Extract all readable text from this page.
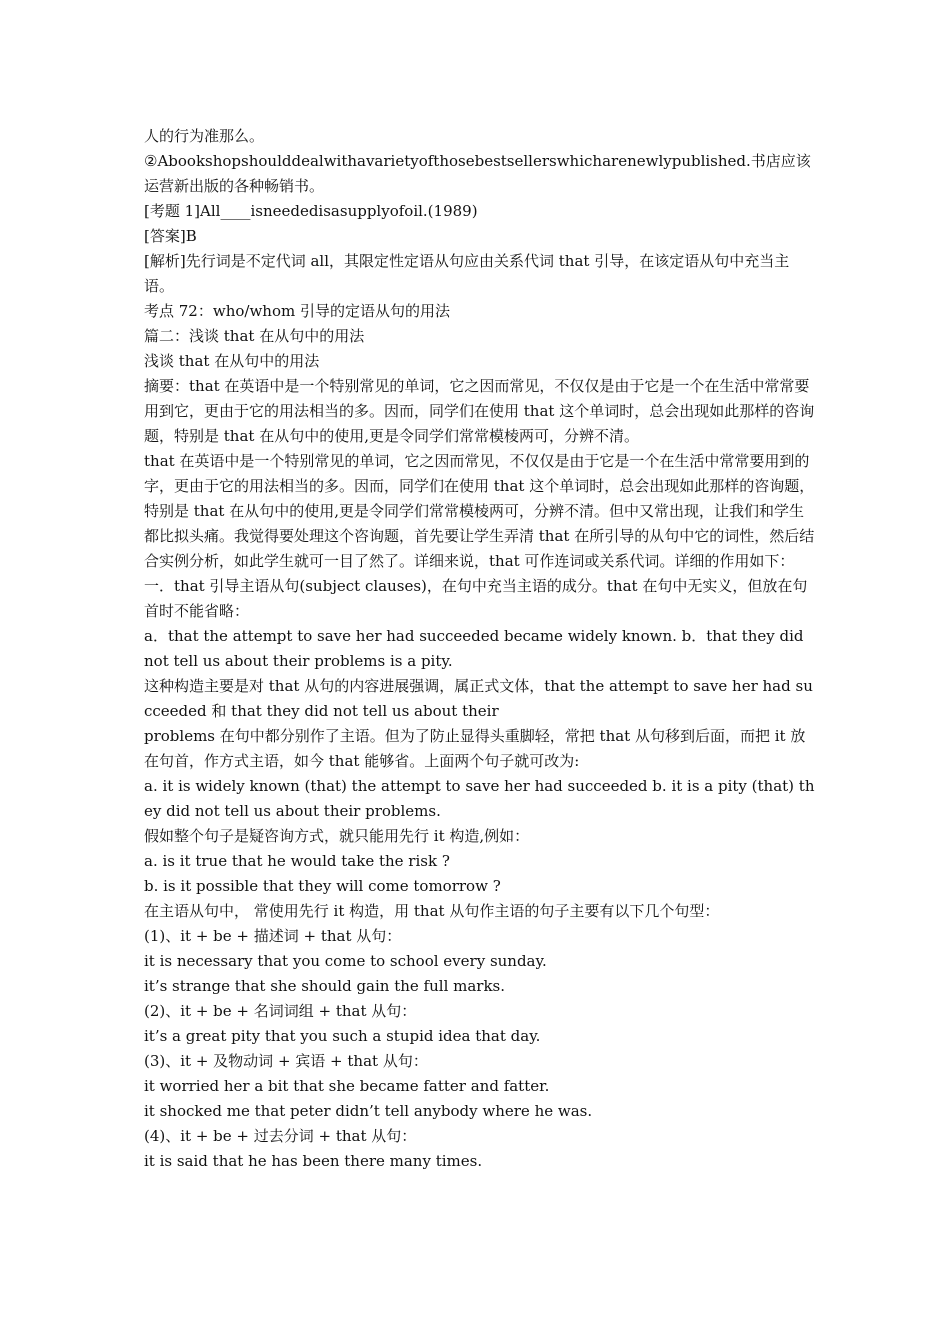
人的行为准那么。

②Abookshopshoulddealwithavarietyofthosebestsellerswhicharenewlypublished.书店应该运营新出版的各种畅销书。

[考题 1]All____isneededisasupplyofoil.(1989)

[答案]B

[解析]先行词是不定代词 all，其限定性定语从句应由关系代词 that 引导，在该定语从句中充当主语。

考点 72：who/whom 引导的定语从句的用法

篇二：浅谈 that 在从句中的用法

浅谈 that 在从句中的用法

摘要：that 在英语中是一个特别常见的单词，它之因而常见，不仅仅是由于它是一个在生活中常常要用到它，更由于它的用法相当的多。因而，同学们在使用 that 这个单词时，总会出现如此那样的咨询题，特别是 that 在从句中的使用,更是令同学们常常模棱两可，分辨不清。

that 在英语中是一个特别常见的单词，它之因而常见，不仅仅是由于它是一个在生活中常常要用到的字，更由于它的用法相当的多。因而，同学们在使用 that 这个单词时，总会出现如此那样的咨询题，特别是 that 在从句中的使用,更是令同学们常常模棱两可，分辨不清。但中又常出现，让我们和学生都比拟头痛。我觉得要处理这个咨询题，首先要让学生弄清 that 在所引导的从句中它的词性，然后结合实例分析，如此学生就可一目了然了。详细来说，that 可作连词或关系代词。详细的作用如下：

一．that 引导主语从句(subject clauses)，在句中充当主语的成分。that 在句中无实义，但放在句首时不能省略：

a．that the attempt to save her had succeeded became widely known. b．that they did not tell us about their problems is a pity.

这种构造主要是对 that 从句的内容进展强调，属正式文体，that the attempt to save her had succeeded 和 that they did not tell us about their

problems 在句中都分别作了主语。但为了防止显得头重脚轻，常把 that 从句移到后面，而把 it 放在句首，作方式主语，如今 that 能够省。上面两个句子就可改为:

a. it is widely known (that) the attempt to save her had succeeded b. it is a pity (that) they did not tell us about their problems.

假如整个句子是疑咨询方式，就只能用先行 it 构造,例如：

a. is it true that he would take the risk ?

b. is it possible that they will come tomorrow ?

在主语从句中， 常使用先行 it 构造，用 that 从句作主语的句子主要有以下几个句型：

(1)、it + be + 描述词 + that 从句：

it is necessary that you come to school every sunday.

it’s strange that she should gain the full marks.

(2)、it + be + 名词词组 + that 从句：

it’s a great pity that you such a stupid idea that day.

(3)、it + 及物动词 + 宾语 + that 从句：

it worried her a bit that she became fatter and fatter.

it shocked me that peter didn’t tell anybody where he was.

(4)、it + be + 过去分词 + that 从句：

it is said that he has been there many times.
